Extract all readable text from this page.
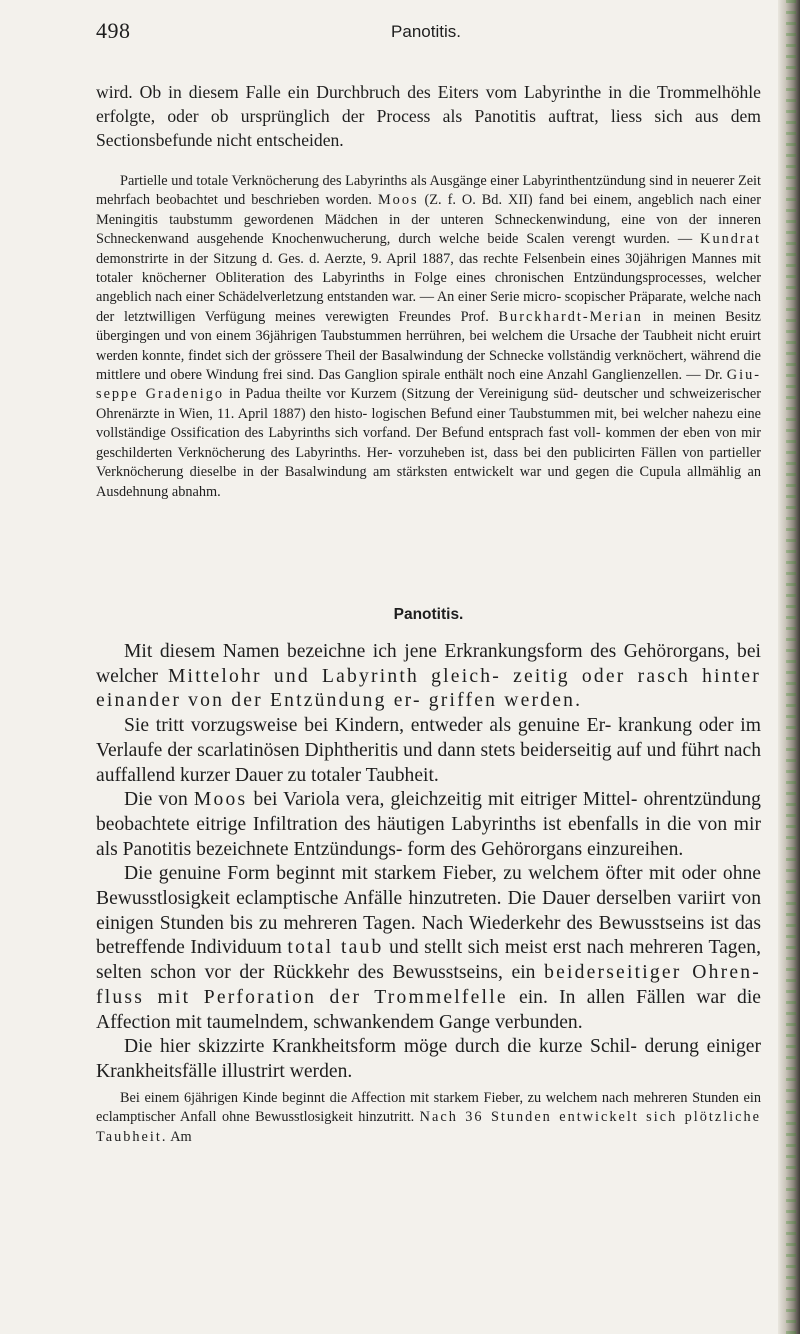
498	Panotitis.

wird. Ob in diesem Falle ein Durchbruch des Eiters vom Labyrinthe in die Trommelhöhle erfolgte, oder ob ursprünglich der Process als Panotitis auftrat, liess sich aus dem Sectionsbefunde nicht entscheiden.

Partielle und totale Verknöcherung des Labyrinths als Ausgänge einer Labyrinthentzündung sind in neuerer Zeit mehrfach beobachtet und beschrieben worden. Moos (Z. f. O. Bd. XII) fand bei einem, angeblich nach einer Meningitis taubstumm gewordenen Mädchen in der unteren Schneckenwindung, eine von der inneren Schneckenwand ausgehende Knochenwucherung, durch welche beide Scalen verengt wurden. — Kundrat demonstrirte in der Sitzung d. Ges. d. Aerzte, 9. April 1887, das rechte Felsenbein eines 30jährigen Mannes mit totaler knöcherner Obliteration des Labyrinths in Folge eines chronischen Entzündungsprocesses, welcher angeblich nach einer Schädelverletzung entstanden war. — An einer Serie micro- scopischer Präparate, welche nach der letztwilligen Verfügung meines verewigten Freundes Prof. Burckhardt-Merian in meinen Besitz übergingen und von einem 36jährigen Taubstummen herrühren, bei welchem die Ursache der Taubheit nicht eruirt werden konnte, findet sich der grössere Theil der Basalwindung der Schnecke vollständig verknöchert, während die mittlere und obere Windung frei sind. Das Ganglion spirale enthält noch eine Anzahl Ganglienzellen. — Dr. Giu- seppe Gradenigo in Padua theilte vor Kurzem (Sitzung der Vereinigung süd- deutscher und schweizerischer Ohrenärzte in Wien, 11. April 1887) den histo- logischen Befund einer Taubstummen mit, bei welcher nahezu eine vollständige Ossification des Labyrinths sich vorfand. Der Befund entsprach fast voll- kommen der eben von mir geschilderten Verknöcherung des Labyrinths. Her- vorzuheben ist, dass bei den publicirten Fällen von partieller Verknöcherung dieselbe in der Basalwindung am stärksten entwickelt war und gegen die Cupula allmählig an Ausdehnung abnahm.

Panotitis.

Mit diesem Namen bezeichne ich jene Erkrankungsform des Gehörorgans, bei welcher Mittelohr und Labyrinth gleich- zeitig oder rasch hinter einander von der Entzündung er- griffen werden.

Sie tritt vorzugsweise bei Kindern, entweder als genuine Er- krankung oder im Verlaufe der scarlatinösen Diphtheritis und dann stets beiderseitig auf und führt nach auffallend kurzer Dauer zu totaler Taubheit.

Die von Moos bei Variola vera, gleichzeitig mit eitriger Mittel- ohrentzündung beobachtete eitrige Infiltration des häutigen Labyrinths ist ebenfalls in die von mir als Panotitis bezeichnete Entzündungs- form des Gehörorgans einzureihen.

Die genuine Form beginnt mit starkem Fieber, zu welchem öfter mit oder ohne Bewusstlosigkeit eclamptische Anfälle hinzutreten. Die Dauer derselben variirt von einigen Stunden bis zu mehreren Tagen. Nach Wiederkehr des Bewusstseins ist das betreffende Individuum total taub und stellt sich meist erst nach mehreren Tagen, selten schon vor der Rückkehr des Bewusstseins, ein beiderseitiger Ohren- fluss mit Perforation der Trommelfelle ein. In allen Fällen war die Affection mit taumelndem, schwankendem Gange verbunden.

Die hier skizzirte Krankheitsform möge durch die kurze Schil- derung einiger Krankheitsfälle illustrirt werden.

Bei einem 6jährigen Kinde beginnt die Affection mit starkem Fieber, zu welchem nach mehreren Stunden ein eclamptischer Anfall ohne Bewusstlosigkeit hinzutritt. Nach 36 Stunden entwickelt sich plötzliche Taubheit. Am
